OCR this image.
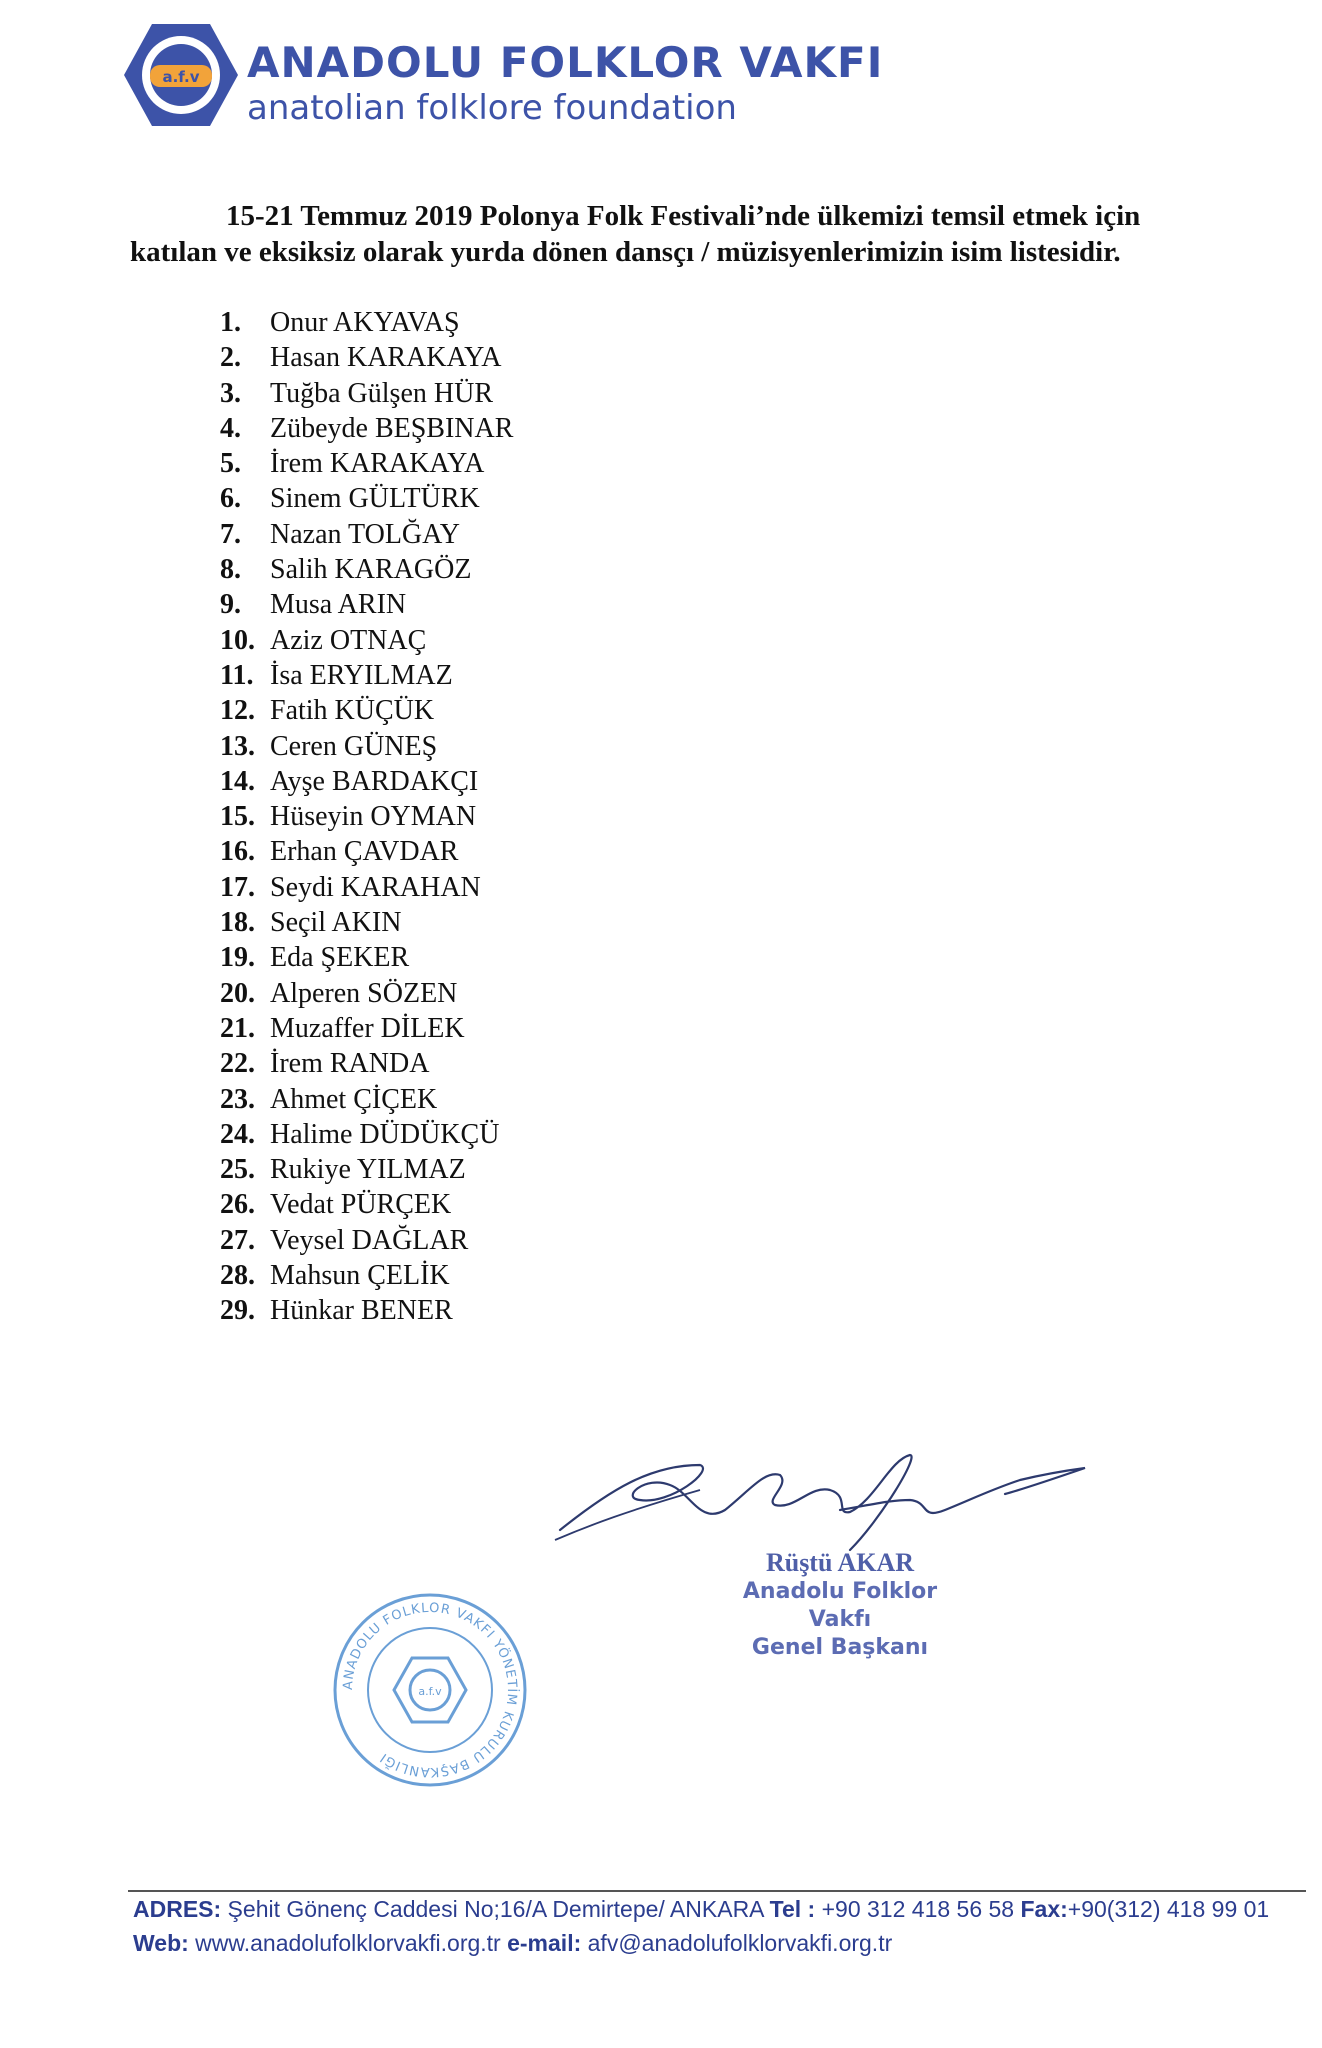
a.f.v ANADOLU FOLKLOR VAKFI
anatolian folklore foundation
15-21 Temmuz 2019 Polonya Folk Festivali’nde ülkemizi temsil etmek için
katılan ve eksiksiz olarak yurda dönen dansçı / müzisyenlerimizin isim listesidir.
1. Onur AKYAVAŞ
2. Hasan KARAKAYA
3. Tuğba Gülşen HÜR
4. Zübeyde BEŞBINAR
5. İrem KARAKAYA
6. Sinem GÜLTÜRK
7. Nazan TOLĞAY
8. Salih KARAGÖZ
9. Musa ARIN
10. Aziz OTNAÇ
11. İsa ERYILMAZ
12. Fatih KÜÇÜK
13. Ceren GÜNEŞ
14. Ayşe BARDAKÇI
15. Hüseyin OYMAN
16. Erhan ÇAVDAR
17. Seydi KARAHAN
18. Seçil AKIN
19. Eda ŞEKER
20. Alperen SÖZEN
21. Muzaffer DİLEK
22. İrem RANDA
23. Ahmet ÇİÇEK
24. Halime DÜDÜKÇÜ
25. Rukiye YILMAZ
26. Vedat PÜRÇEK
27. Veysel DAĞLAR
28. Mahsun ÇELİK
29. Hünkar BENER
Rüştü AKAR
Anadolu Folklor Vakfı
Genel Başkanı
ANADOLU FOLKLOR VAKFI YÖNETİM KURULU BAŞKANLIĞI
a.f.v
ADRES: Şehit Gönenç Caddesi No;16/A Demirtepe/ ANKARA Tel : +90 312 418 56 58 Fax:+90(312) 418 99 01
Web: www.anadolufolklorvakfi.org.tr e-mail: afv@anadolufolklorvakfi.org.tr
